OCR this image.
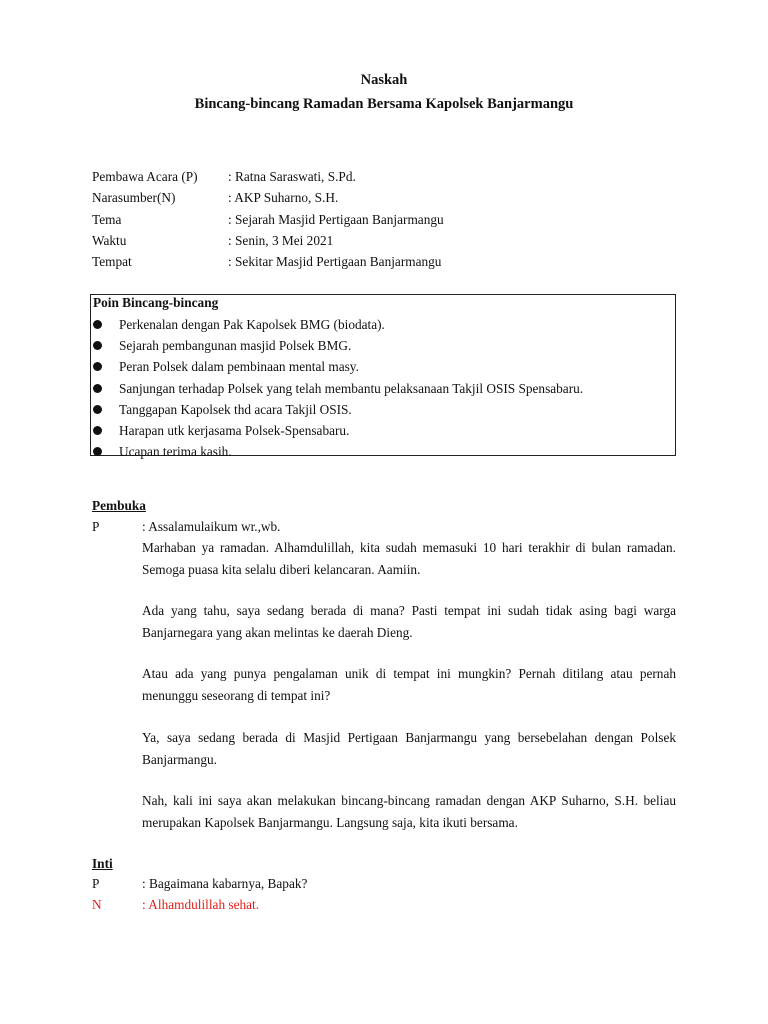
Naskah
Bincang-bincang Ramadan Bersama Kapolsek Banjarmangu
Pembawa Acara (P)	: Ratna Saraswati, S.Pd.
Narasumber(N)	: AKP Suharno, S.H.
Tema	: Sejarah Masjid Pertigaan Banjarmangu
Waktu	: Senin, 3 Mei 2021
Tempat	: Sekitar Masjid Pertigaan Banjarmangu
Poin Bincang-bincang
Perkenalan dengan Pak Kapolsek BMG (biodata).
Sejarah pembangunan masjid Polsek BMG.
Peran Polsek dalam pembinaan mental masy.
Sanjungan terhadap Polsek yang telah membantu pelaksanaan Takjil OSIS Spensabaru.
Tanggapan Kapolsek thd acara Takjil OSIS.
Harapan utk kerjasama Polsek-Spensabaru.
Ucapan terima kasih.
Pembuka
P	: Assalamulaikum wr.,wb.
Marhaban ya ramadan. Alhamdulillah, kita sudah memasuki 10 hari terakhir di bulan ramadan. Semoga puasa kita selalu diberi kelancaran. Aamiin.
Ada yang tahu, saya sedang berada di mana? Pasti tempat ini sudah tidak asing bagi warga Banjarnegara yang akan melintas ke daerah Dieng.
Atau ada yang punya pengalaman unik di tempat ini mungkin? Pernah ditilang atau pernah menunggu seseorang di tempat ini?
Ya, saya sedang berada di Masjid Pertigaan Banjarmangu yang bersebelahan dengan Polsek Banjarmangu.
Nah, kali ini saya akan melakukan bincang-bincang ramadan dengan AKP Suharno, S.H. beliau merupakan Kapolsek Banjarmangu. Langsung saja, kita ikuti bersama.
Inti
P	: Bagaimana kabarnya, Bapak?
N	: Alhamdulillah sehat.
